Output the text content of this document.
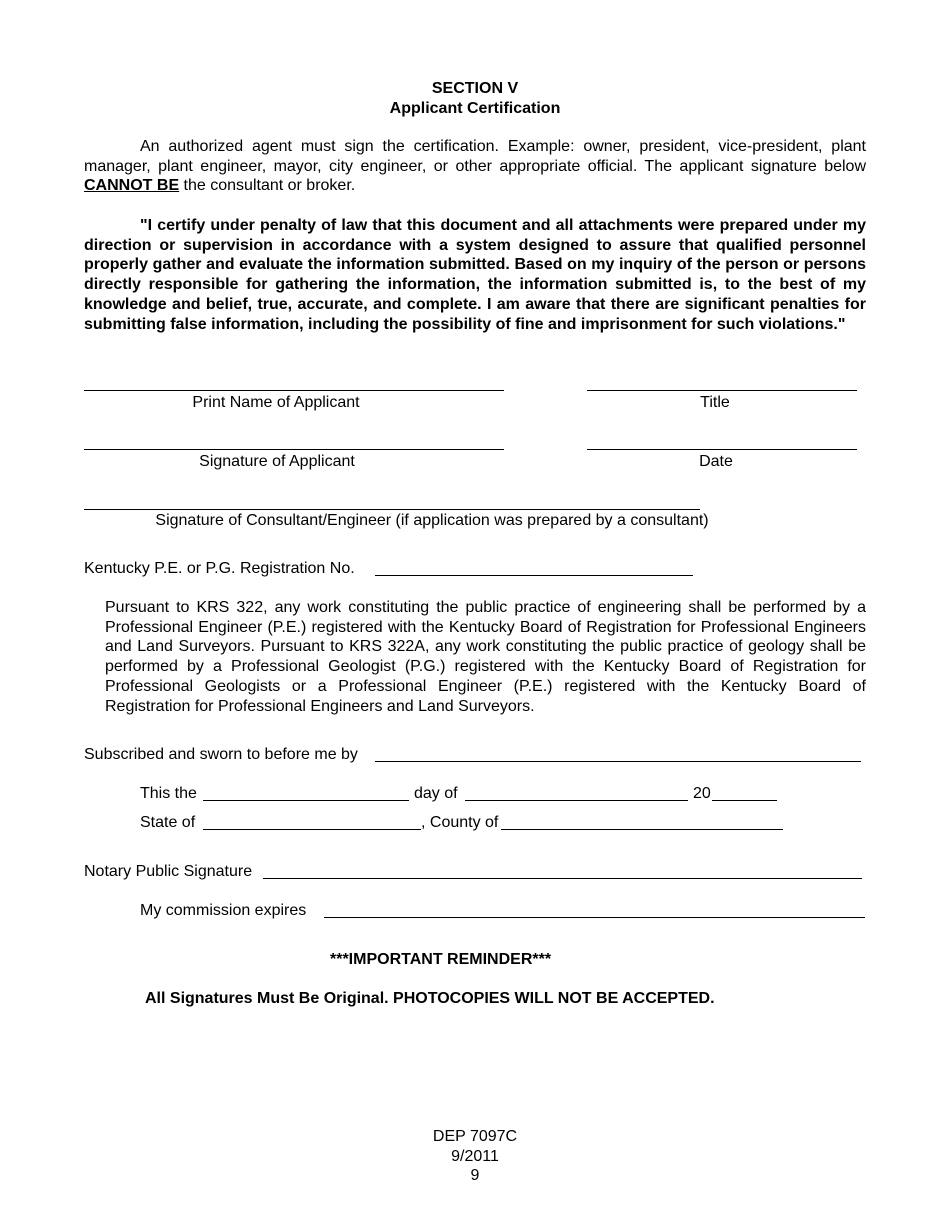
SECTION V
Applicant Certification
An authorized agent must sign the certification. Example: owner, president, vice-president, plant manager, plant engineer, mayor, city engineer, or other appropriate official. The applicant signature below CANNOT BE the consultant or broker.
"I certify under penalty of law that this document and all attachments were prepared under my direction or supervision in accordance with a system designed to assure that qualified personnel properly gather and evaluate the information submitted. Based on my inquiry of the person or persons directly responsible for gathering the information, the information submitted is, to the best of my knowledge and belief, true, accurate, and complete. I am aware that there are significant penalties for submitting false information, including the possibility of fine and imprisonment for such violations."
Print Name of Applicant	Title
Signature of Applicant	Date
Signature of Consultant/Engineer (if application was prepared by a consultant)
Kentucky P.E. or P.G. Registration No.
Pursuant to KRS 322, any work constituting the public practice of engineering shall be performed by a Professional Engineer (P.E.) registered with the Kentucky Board of Registration for Professional Engineers and Land Surveyors. Pursuant to KRS 322A, any work constituting the public practice of geology shall be performed by a Professional Geologist (P.G.) registered with the Kentucky Board of Registration for Professional Geologists or a Professional Engineer (P.E.) registered with the Kentucky Board of Registration for Professional Engineers and Land Surveyors.
Subscribed and sworn to before me by
This the	day of	20
State of	, County of
Notary Public Signature
My commission expires
***IMPORTANT REMINDER***
All Signatures Must Be Original. PHOTOCOPIES WILL NOT BE ACCEPTED.
DEP 7097C
9/2011
9
